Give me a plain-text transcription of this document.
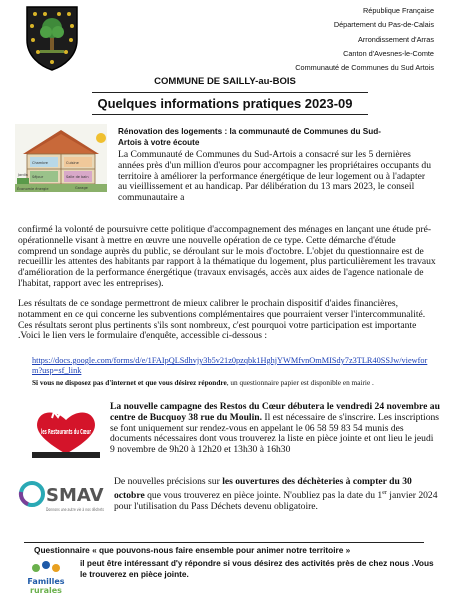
République Française
Département du Pas-de-Calais
Arrondissement d'Arras
Canton d'Avesnes-le-Comte
Communauté de Communes du Sud Artois
COMMUNE DE SAILLY-au-BOIS
Quelques informations pratiques 2023-09
Jardin
Chambre	Cuisine
Salle de bain
Séjour
Garage
Économie énergie
Rénovation des logements : la communauté de Communes du Sud-
Artois à votre écoute
La Communauté de Communes du Sud-Artois a consacré sur les 5 dernières années près d'un million d'euros pour accompagner les propriétaires occupants du territoire à améliorer la performance énergétique de leur logement ou à l'adapter au vieillissement et au handicap. Par délibération du 13 mars 2023, le conseil communautaire a
confirmé la volonté de poursuivre cette politique d'accompagnement des ménages en lançant une étude pré-opérationnelle visant à mettre en œuvre une nouvelle opération de ce type. Cette démarche d'étude comprend un sondage auprès du public, se déroulant sur le mois d'octobre. L'objet du questionnaire est de recueillir les attentes des habitants par rapport à la thématique du logement, plus particulièrement les travaux d'amélioration de la performance énergétique (travaux envisagés, accès aux aides de l'agence nationale de l'habitat, rapport avec les entreprises).
Les résultats de ce sondage permettront de mieux calibrer le prochain dispositif d'aides financières, notamment en ce qui concerne les subventions complémentaires que pourraient verser l'intercommunalité. Ces résultats seront plus pertinents s'ils sont nombreux, c'est pourquoi votre participation est importante .Voici le lien vers le formulaire d'enquête, accessible ci-dessous :
https://docs.google.com/forms/d/e/1FAIpQLSdhvjy3b5v21z0pzqbk1HghjYWMfvnOmMISdy7z3TLR40SSJw/viewform?usp=sf_link
Si vous ne disposez pas d'internet et que vous désirez répondre, un questionnaire papier est disponible en mairie .
les Restaurants du Cœur
La nouvelle campagne des Restos du Cœur débutera le vendredi 24 novembre au centre de Bucquoy 38 rue du Moulin. Il est nécessaire de s'inscrire. Les inscriptions se font uniquement sur rendez-vous en appelant le 06 58 59 83 54 munis des documents nécessaires dont vous trouverez la liste en pièce jointe et ont lieu le jeudi 9 novembre de 9h20 à 12h20 et 13h30 à 16h30
SMAV
Donnons une autre vie à nos déchets
De nouvelles précisions sur les ouvertures des déchèteries à compter du 30 octobre que vous trouverez en pièce jointe. N'oubliez pas la date du 1er janvier 2024 pour l'utilisation du Pass Déchets devenu obligatoire.
Questionnaire « que pouvons-nous faire ensemble pour animer notre territoire »
Familles
rurales
il peut être intéressant d'y répondre si vous désirez des activités près de chez nous .Vous le trouverez en pièce jointe.
